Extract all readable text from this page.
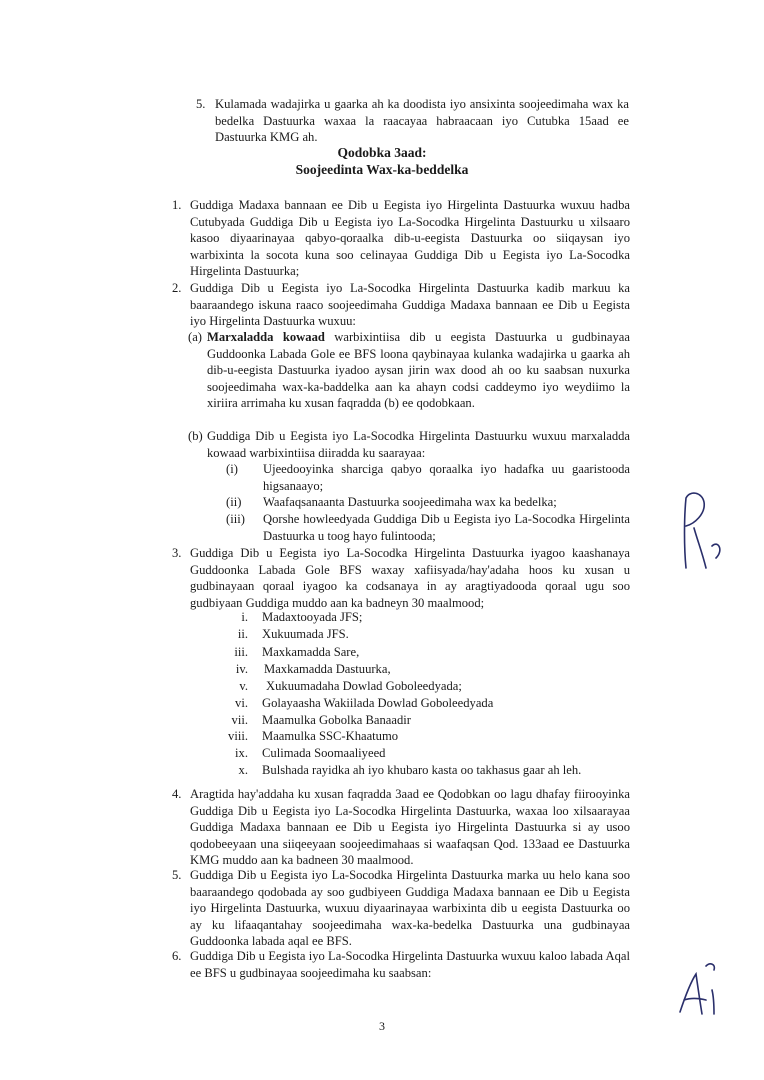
5. Kulamada wadajirka u gaarka ah ka doodista iyo ansixinta soojeedimaha wax ka bedelka Dastuurka waxaa la raacayaa habraacaan iyo Cutubka 15aad ee Dastuurka KMG ah.
Qodobka 3aad:
Soojeedinta Wax-ka-beddelka
1. Guddiga Madaxa bannaan ee Dib u Eegista iyo Hirgelinta Dastuurka wuxuu hadba Cutubyada Guddiga Dib u Eegista iyo La-Socodka Hirgelinta Dastuurku u xilsaaro kasoo diyaarinayaa qabyo-qoraalka dib-u-eegista Dastuurka oo siiqaysan iyo warbixinta la socota kuna soo celinayaa Guddiga Dib u Eegista iyo La-Socodka Hirgelinta Dastuurka;
2. Guddiga Dib u Eegista iyo La-Socodka Hirgelinta Dastuurka kadib markuu ka baaraandego iskuna raaco soojeedimaha Guddiga Madaxa bannaan ee Dib u Eegista iyo Hirgelinta Dastuurka wuxuu:
(a) Marxaladda kowaad warbixintiisa dib u eegista Dastuurka u gudbinayaa Guddoonka Labada Gole ee BFS loona qaybinayaa kulanka wadajirka u gaarka ah dib-u-eegista Dastuurka iyadoo aysan jirin wax dood ah oo ku saabsan nuxurka soojeedimaha wax-ka-baddelka aan ka ahayn codsi caddeymo iyo weydiimo la xiriira arrimaha ku xusan faqradda (b) ee qodobkaan.
(b) Guddiga Dib u Eegista iyo La-Socodka Hirgelinta Dastuurku wuxuu marxaladda kowaad warbixintiisa diiradda ku saarayaa:
(i) Ujeedooyinka sharciga qabyo qoraalka iyo hadafka uu gaaristooda higsanaayo;
(ii) Waafaqsanaanta Dastuurka soojeedimaha wax ka bedelka;
(iii) Qorshe howleedyada Guddiga Dib u Eegista iyo La-Socodka Hirgelinta Dastuurka u toog hayo fulintooda;
3. Guddiga Dib u Eegista iyo La-Socodka Hirgelinta Dastuurka iyagoo kaashanaya Guddoonka Labada Gole BFS waxay xafiisyada/hay'adaha hoos ku xusan u gudbinayaan qoraal iyagoo ka codsanaya in ay aragtiyadooda qoraal ugu soo gudbiyaan Guddiga muddo aan ka badneyn 30 maalmood;
i. Madaxtooyada JFS;
ii. Xukuumada JFS.
iii. Maxkamadda Sare,
iv. Maxkamadda Dastuurka,
v. Xukuumadaha Dowlad Goboleedyada;
vi. Golayaasha Wakiilada Dowlad Goboleedyada
vii. Maamulka Gobolka Banaadir
viii. Maamulka SSC-Khaatumo
ix. Culimada Soomaaliyeed
x. Bulshada rayidka ah iyo khubaro kasta oo takhasus gaar ah leh.
4. Aragtida hay'addaha ku xusan faqradda 3aad ee Qodobkan oo lagu dhafay fiirooyinka Guddiga Dib u Eegista iyo La-Socodka Hirgelinta Dastuurka, waxaa loo xilsaarayaa Guddiga Madaxa bannaan ee Dib u Eegista iyo Hirgelinta Dastuurka si ay usoo qodobeeyaan una siiqeeyaan soojeedimahaas si waafaqsan Qod. 133aad ee Dastuurka KMG muddo aan ka badneen 30 maalmood.
5. Guddiga Dib u Eegista iyo La-Socodka Hirgelinta Dastuurka marka uu helo kana soo baaraandego qodobada ay soo gudbiyeen Guddiga Madaxa bannaan ee Dib u Eegista iyo Hirgelinta Dastuurka, wuxuu diyaarinayaa warbixinta dib u eegista Dastuurka oo ay ku lifaaqantahay soojeedimaha wax-ka-bedelka Dastuurka una gudbinayaa Guddoonka labada aqal ee BFS.
6. Guddiga Dib u Eegista iyo La-Socodka Hirgelinta Dastuurka wuxuu kaloo labada Aqal ee BFS u gudbinayaa soojeedimaha ku saabsan:
3
